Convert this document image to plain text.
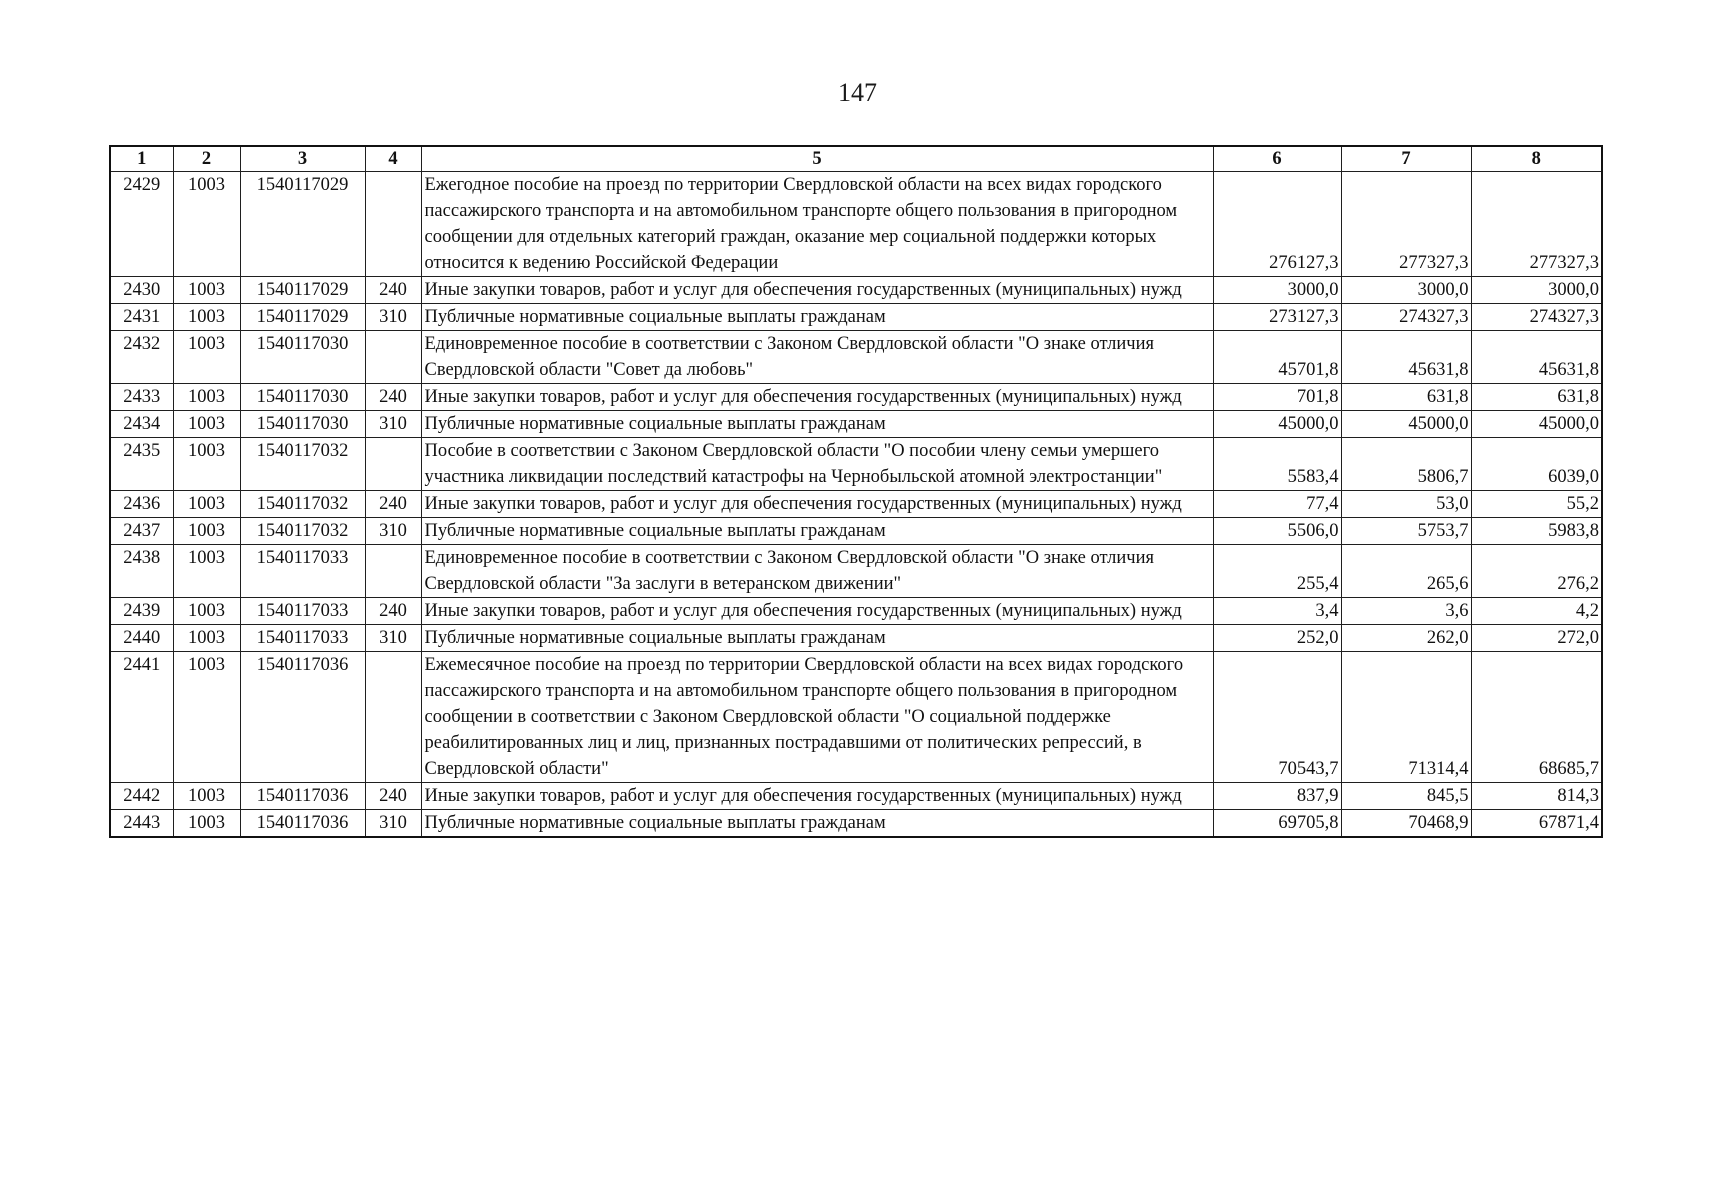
147
1	2	3	4	5	6	7	8
2429	1003	1540117029		Ежегодное пособие на проезд по территории Свердловской области на всех видах городского пассажирского транспорта и на автомобильном транспорте общего пользования в пригородном сообщении для отдельных категорий граждан, оказание мер социальной поддержки которых относится к ведению Российской Федерации	276127,3	277327,3	277327,3
2430	1003	1540117029	240	Иные закупки товаров, работ и услуг для обеспечения государственных (муниципальных) нужд	3000,0	3000,0	3000,0
2431	1003	1540117029	310	Публичные нормативные социальные выплаты гражданам	273127,3	274327,3	274327,3
2432	1003	1540117030		Единовременное пособие в соответствии с Законом Свердловской области "О знаке отличия Свердловской области "Совет да любовь"	45701,8	45631,8	45631,8
2433	1003	1540117030	240	Иные закупки товаров, работ и услуг для обеспечения государственных (муниципальных) нужд	701,8	631,8	631,8
2434	1003	1540117030	310	Публичные нормативные социальные выплаты гражданам	45000,0	45000,0	45000,0
2435	1003	1540117032		Пособие в соответствии с Законом Свердловской области "О пособии члену семьи умершего участника ликвидации последствий катастрофы на Чернобыльской атомной электростанции"	5583,4	5806,7	6039,0
2436	1003	1540117032	240	Иные закупки товаров, работ и услуг для обеспечения государственных (муниципальных) нужд	77,4	53,0	55,2
2437	1003	1540117032	310	Публичные нормативные социальные выплаты гражданам	5506,0	5753,7	5983,8
2438	1003	1540117033		Единовременное пособие в соответствии с Законом Свердловской области "О знаке отличия Свердловской области "За заслуги в ветеранском движении"	255,4	265,6	276,2
2439	1003	1540117033	240	Иные закупки товаров, работ и услуг для обеспечения государственных (муниципальных) нужд	3,4	3,6	4,2
2440	1003	1540117033	310	Публичные нормативные социальные выплаты гражданам	252,0	262,0	272,0
2441	1003	1540117036		Ежемесячное пособие на проезд по территории Свердловской области на всех видах городского пассажирского транспорта и на автомобильном транспорте общего пользования в пригородном сообщении в соответствии с Законом Свердловской области "О социальной поддержке реабилитированных лиц и лиц, признанных пострадавшими от политических репрессий, в Свердловской области"	70543,7	71314,4	68685,7
2442	1003	1540117036	240	Иные закупки товаров, работ и услуг для обеспечения государственных (муниципальных) нужд	837,9	845,5	814,3
2443	1003	1540117036	310	Публичные нормативные социальные выплаты гражданам	69705,8	70468,9	67871,4
